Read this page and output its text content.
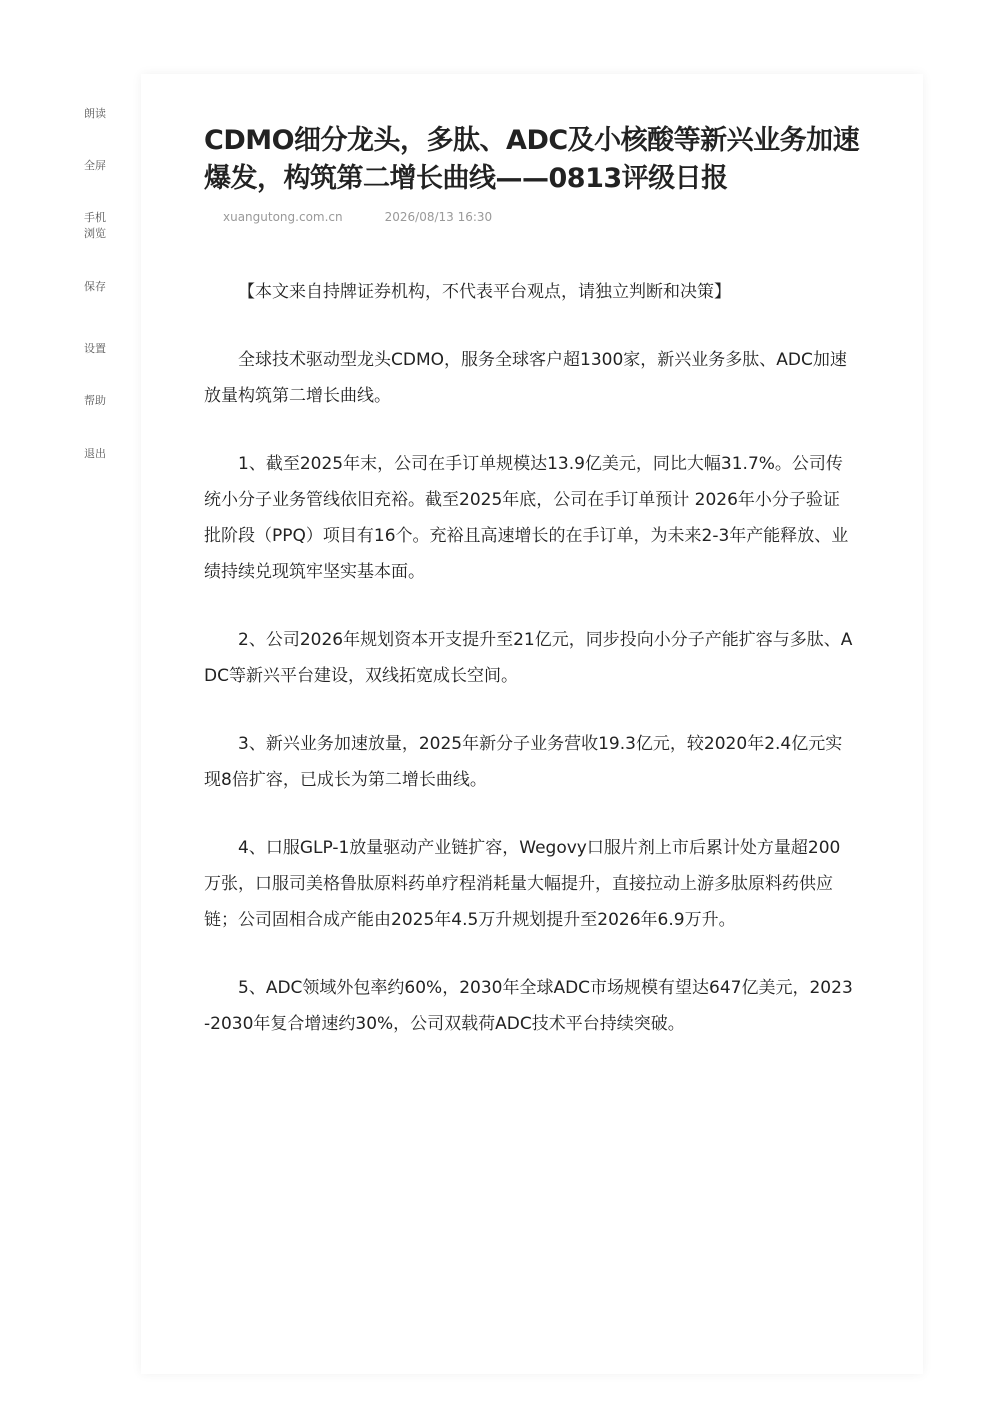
朗读
全屏
手机
浏览
保存
设置
帮助
退出
CDMO细分龙头，多肽、ADC及小核酸等新兴业务加速爆发，构筑第二增长曲线——0813评级日报
xuangutong.com.cn	2026/08/13 16:30

【本文来自持牌证券机构，不代表平台观点，请独立判断和决策】

全球技术驱动型龙头CDMO，服务全球客户超1300家，新兴业务多肽、ADC加速放量构筑第二增长曲线。

1、截至2025年末，公司在手订单规模达13.9亿美元，同比大幅31.7%。公司传统小分子业务管线依旧充裕。截至2025年底，公司在手订单预计 2026年小分子验证批阶段（PPQ）项目有16个。充裕且高速增长的在手订单，为未来2-3年产能释放、业绩持续兑现筑牢坚实基本面。

2、公司2026年规划资本开支提升至21亿元，同步投向小分子产能扩容与多肽、ADC等新兴平台建设，双线拓宽成长空间。

3、新兴业务加速放量，2025年新分子业务营收19.3亿元，较2020年2.4亿元实现8倍扩容，已成长为第二增长曲线。

4、口服GLP-1放量驱动产业链扩容，Wegovy口服片剂上市后累计处方量超200万张，口服司美格鲁肽原料药单疗程消耗量大幅提升，直接拉动上游多肽原料药供应链；公司固相合成产能由2025年4.5万升规划提升至2026年6.9万升。

5、ADC领域外包率约60%，2030年全球ADC市场规模有望达647亿美元，2023-2030年复合增速约30%，公司双载荷ADC技术平台持续突破。
